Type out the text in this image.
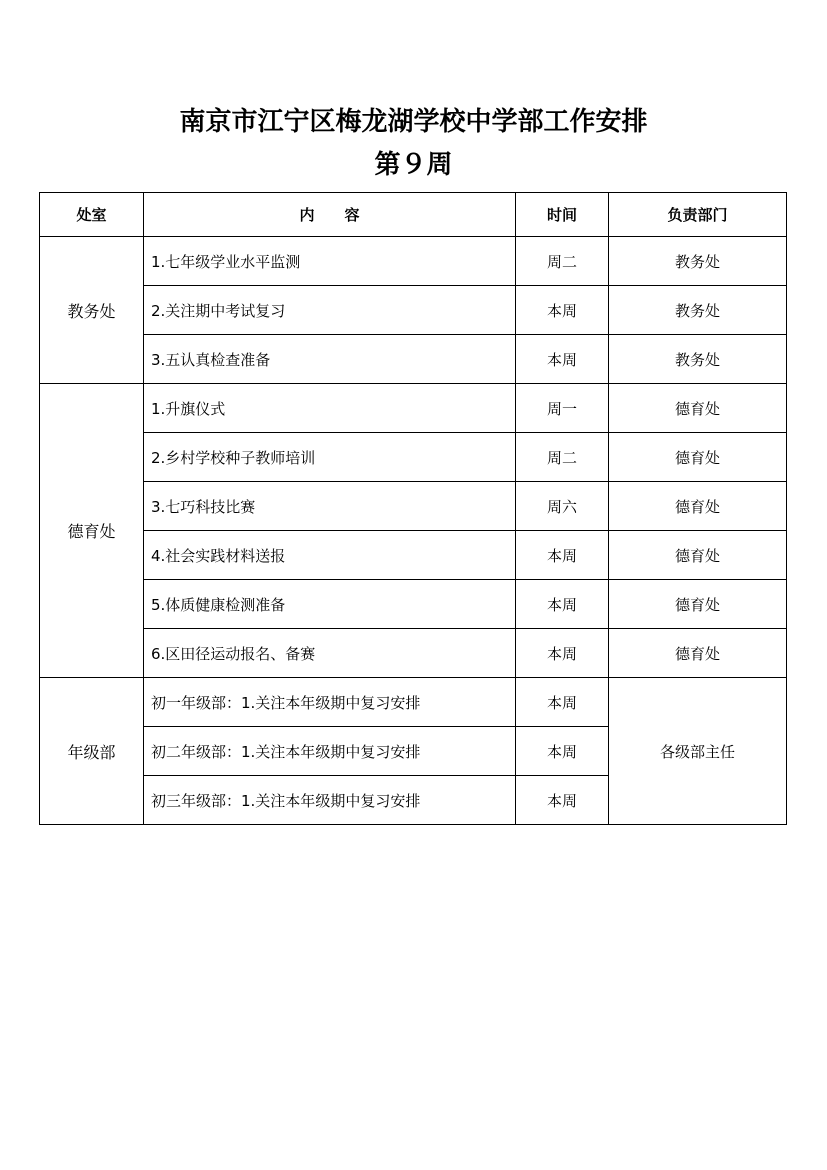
南京市江宁区梅龙湖学校中学部工作安排
第９周
处室	内　　容	时间	负责部门
教务处	1.七年级学业水平监测	周二	教务处
	2.关注期中考试复习	本周	教务处
	3.五认真检查准备	本周	教务处
德育处	1.升旗仪式	周一	德育处
	2.乡村学校种子教师培训	周二	德育处
	3.七巧科技比赛	周六	德育处
	4.社会实践材料送报	本周	德育处
	5.体质健康检测准备	本周	德育处
	6.区田径运动报名、备赛	本周	德育处
年级部	初一年级部：1.关注本年级期中复习安排	本周	各级部主任
	初二年级部：1.关注本年级期中复习安排	本周	
	初三年级部：1.关注本年级期中复习安排	本周	
